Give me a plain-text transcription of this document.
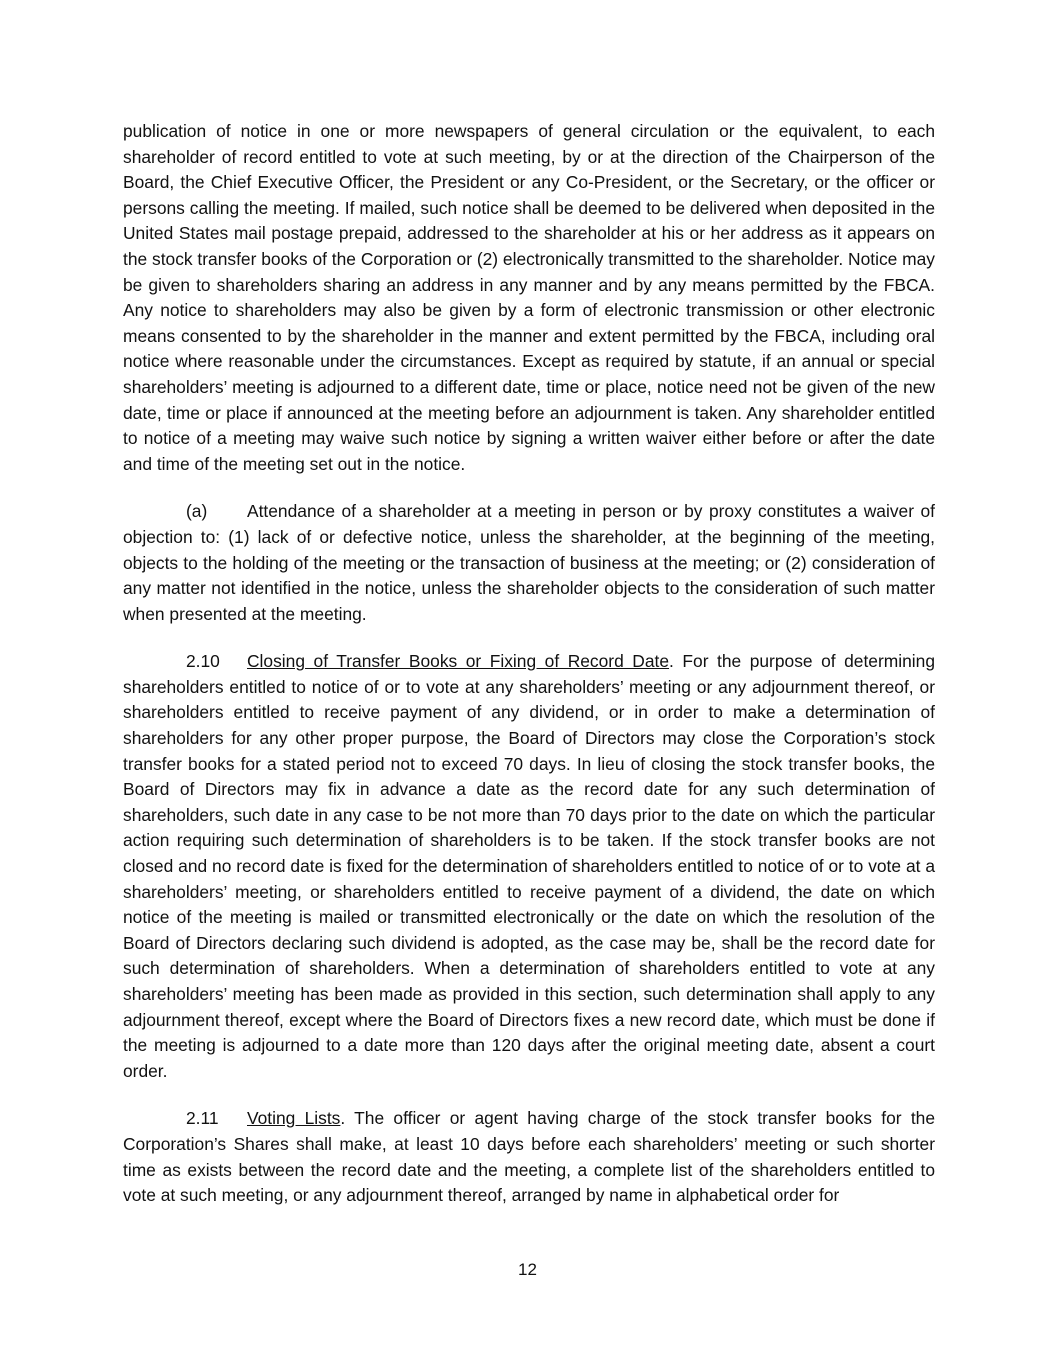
publication of notice in one or more newspapers of general circulation or the equivalent, to each shareholder of record entitled to vote at such meeting, by or at the direction of the Chairperson of the Board, the Chief Executive Officer, the President or any Co-President, or the Secretary, or the officer or persons calling the meeting. If mailed, such notice shall be deemed to be delivered when deposited in the United States mail postage prepaid, addressed to the shareholder at his or her address as it appears on the stock transfer books of the Corporation or (2) electronically transmitted to the shareholder. Notice may be given to shareholders sharing an address in any manner and by any means permitted by the FBCA. Any notice to shareholders may also be given by a form of electronic transmission or other electronic means consented to by the shareholder in the manner and extent permitted by the FBCA, including oral notice where reasonable under the circumstances. Except as required by statute, if an annual or special shareholders’ meeting is adjourned to a different date, time or place, notice need not be given of the new date, time or place if announced at the meeting before an adjournment is taken. Any shareholder entitled to notice of a meeting may waive such notice by signing a written waiver either before or after the date and time of the meeting set out in the notice.

(a) Attendance of a shareholder at a meeting in person or by proxy constitutes a waiver of objection to: (1) lack of or defective notice, unless the shareholder, at the beginning of the meeting, objects to the holding of the meeting or the transaction of business at the meeting; or (2) consideration of any matter not identified in the notice, unless the shareholder objects to the consideration of such matter when presented at the meeting.

2.10 Closing of Transfer Books or Fixing of Record Date. For the purpose of determining shareholders entitled to notice of or to vote at any shareholders’ meeting or any adjournment thereof, or shareholders entitled to receive payment of any dividend, or in order to make a determination of shareholders for any other proper purpose, the Board of Directors may close the Corporation’s stock transfer books for a stated period not to exceed 70 days. In lieu of closing the stock transfer books, the Board of Directors may fix in advance a date as the record date for any such determination of shareholders, such date in any case to be not more than 70 days prior to the date on which the particular action requiring such determination of shareholders is to be taken. If the stock transfer books are not closed and no record date is fixed for the determination of shareholders entitled to notice of or to vote at a shareholders’ meeting, or shareholders entitled to receive payment of a dividend, the date on which notice of the meeting is mailed or transmitted electronically or the date on which the resolution of the Board of Directors declaring such dividend is adopted, as the case may be, shall be the record date for such determination of shareholders. When a determination of shareholders entitled to vote at any shareholders’ meeting has been made as provided in this section, such determination shall apply to any adjournment thereof, except where the Board of Directors fixes a new record date, which must be done if the meeting is adjourned to a date more than 120 days after the original meeting date, absent a court order.

2.11 Voting Lists. The officer or agent having charge of the stock transfer books for the Corporation’s Shares shall make, at least 10 days before each shareholders’ meeting or such shorter time as exists between the record date and the meeting, a complete list of the shareholders entitled to vote at such meeting, or any adjournment thereof, arranged by name in alphabetical order for

12
